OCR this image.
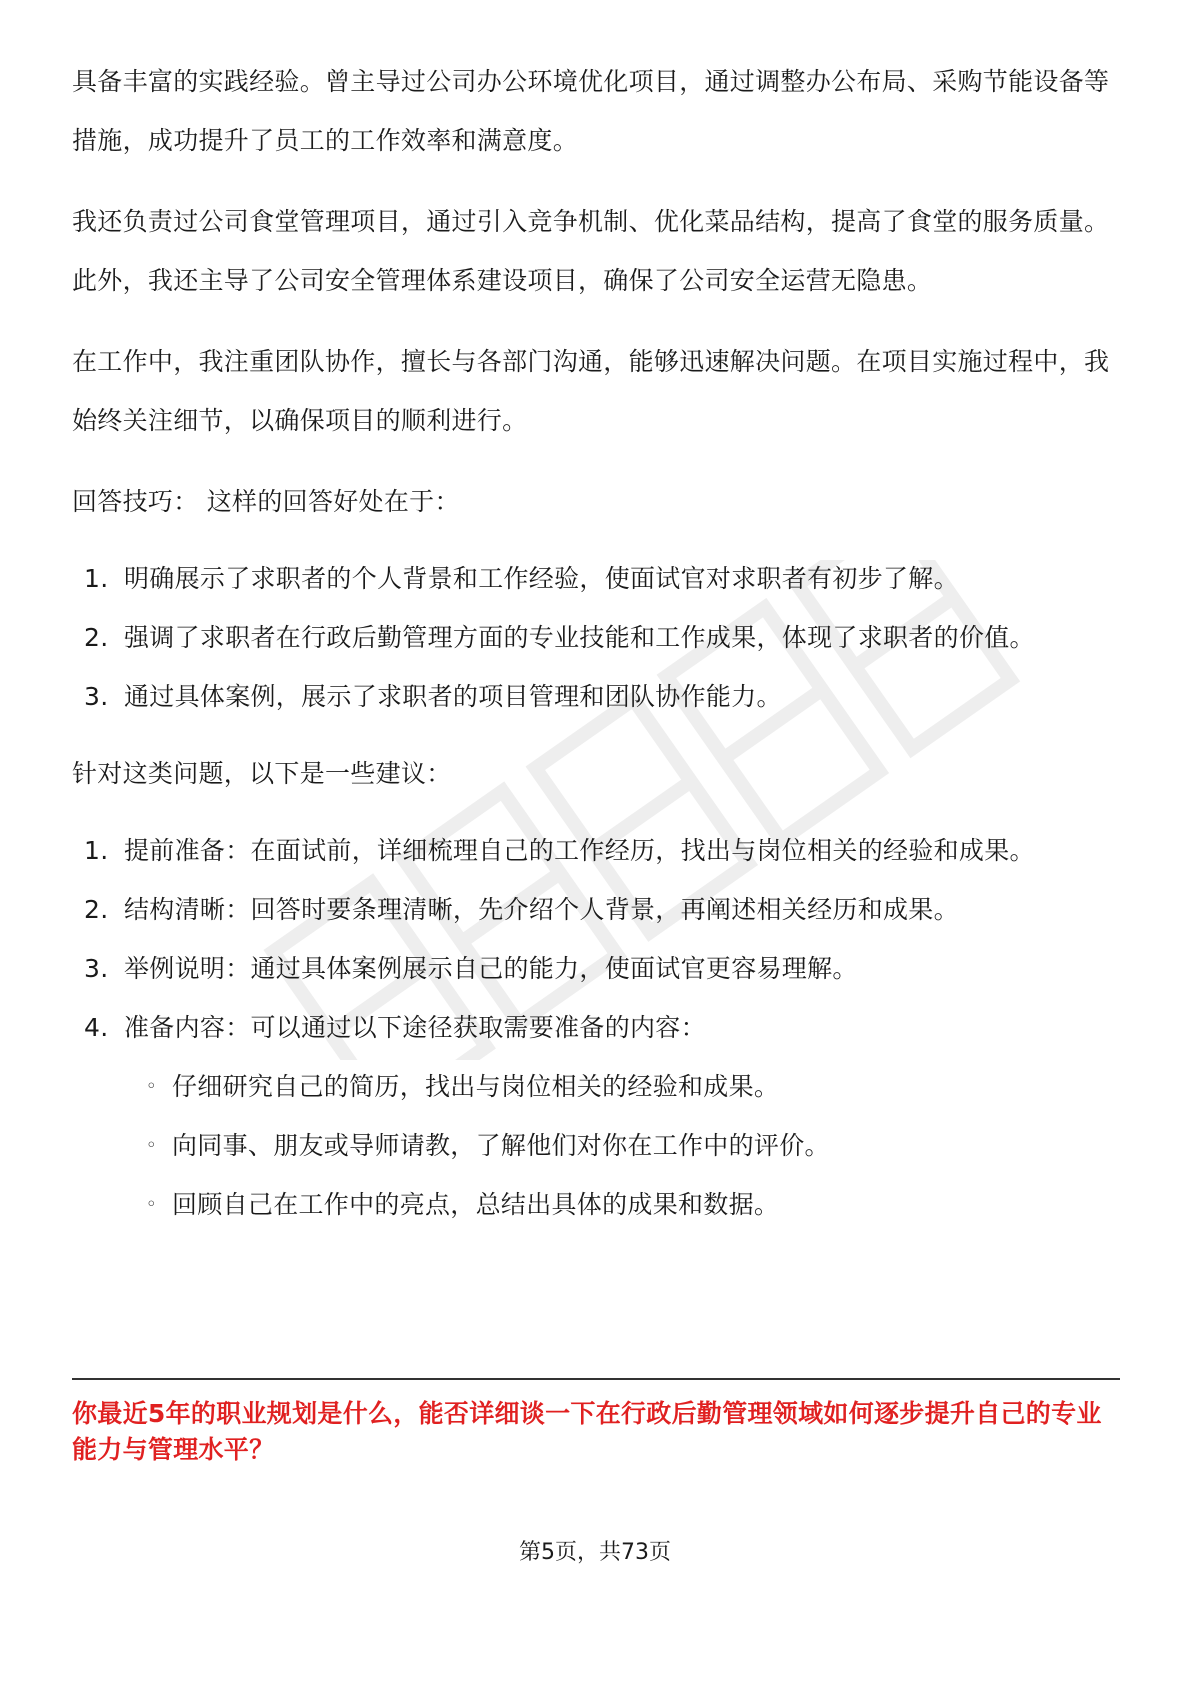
具备丰富的实践经验。曾主导过公司办公环境优化项目，通过调整办公布局、采购节能设备等措施，成功提升了员工的工作效率和满意度。

我还负责过公司食堂管理项目，通过引入竞争机制、优化菜品结构，提高了食堂的服务质量。此外，我还主导了公司安全管理体系建设项目，确保了公司安全运营无隐患。

在工作中，我注重团队协作，擅长与各部门沟通，能够迅速解决问题。在项目实施过程中，我始终关注细节，以确保项目的顺利进行。

回答技巧： 这样的回答好处在于：

1. 明确展示了求职者的个人背景和工作经验，使面试官对求职者有初步了解。
2. 强调了求职者在行政后勤管理方面的专业技能和工作成果，体现了求职者的价值。
3. 通过具体案例，展示了求职者的项目管理和团队协作能力。

针对这类问题，以下是一些建议：

1. 提前准备：在面试前，详细梳理自己的工作经历，找出与岗位相关的经验和成果。
2. 结构清晰：回答时要条理清晰，先介绍个人背景，再阐述相关经历和成果。
3. 举例说明：通过具体案例展示自己的能力，使面试官更容易理解。
4. 准备内容：可以通过以下途径获取需要准备的内容：
◦ 仔细研究自己的简历，找出与岗位相关的经验和成果。
◦ 向同事、朋友或导师请教，了解他们对你在工作中的评价。
◦ 回顾自己在工作中的亮点，总结出具体的成果和数据。
你最近5年的职业规划是什么，能否详细谈一下在行政后勤管理领域如何逐步提升自己的专业能力与管理水平？
第5页，共73页
